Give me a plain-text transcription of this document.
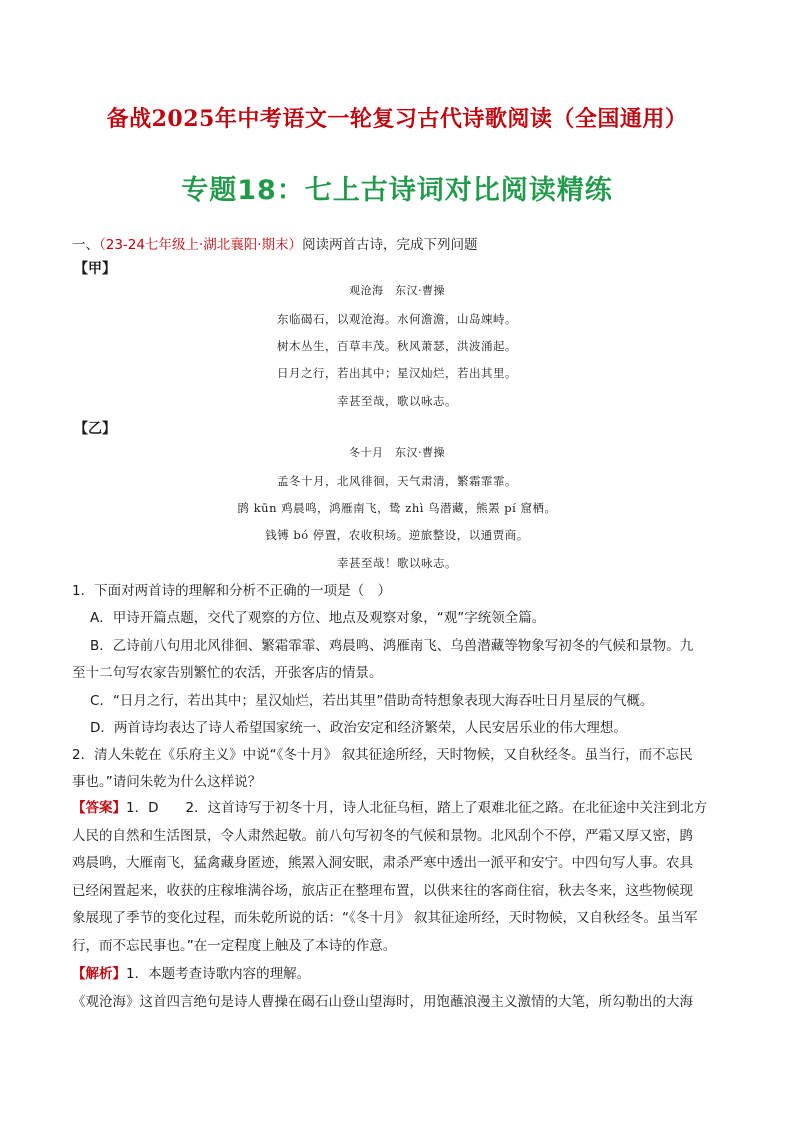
备战2025年中考语文一轮复习古代诗歌阅读（全国通用）
专题18：七上古诗词对比阅读精练
一、（23-24七年级上·湖北襄阳·期末）阅读两首古诗，完成下列问题
【甲】
观沧海　东汉·曹操
东临碣石，以观沧海。水何澹澹，山岛竦峙。
树木丛生，百草丰茂。秋风萧瑟，洪波涌起。
日月之行，若出其中；星汉灿烂，若出其里。
幸甚至哉，歌以咏志。
【乙】
冬十月　东汉·曹操
孟冬十月，北风徘徊，天气肃清，繁霜霏霏。
鹍 kūn 鸡晨鸣，鸿雁南飞，鸷 zhì 鸟潜藏，熊罴 pí 窟栖。
钱镈 bó 停置，农收积场。逆旅整设，以通贾商。
幸甚至哉！歌以咏志。
1．下面对两首诗的理解和分析不正确的一项是（　）
A．甲诗开篇点题，交代了观察的方位、地点及观察对象，“观”字统领全篇。
B．乙诗前八句用北风徘徊、繁霜霏霏、鸡晨鸣、鸿雁南飞、乌兽潜藏等物象写初冬的气候和景物。九
至十二句写农家告别繁忙的农活，开张客店的情景。
C．“日月之行，若出其中；星汉灿烂，若出其里”借助奇特想象表现大海吞吐日月星辰的气概。
D．两首诗均表达了诗人希望国家统一、政治安定和经济繁荣，人民安居乐业的伟大理想。
2．清人朱乾在《乐府主义》中说“《冬十月》 叙其征途所经，天时物候，又自秋经冬。虽当行，而不忘民
事也。”请问朱乾为什么这样说？
【答案】1．D　　2．这首诗写于初冬十月，诗人北征乌桓，踏上了艰难北征之路。在北征途中关注到北方
人民的自然和生活图景，令人肃然起敬。前八句写初冬的气候和景物。北风刮个不停，严霜又厚又密，鹍
鸡晨鸣，大雁南飞，猛禽藏身匿迹，熊罴入洞安眠，肃杀严寒中透出一派平和安宁。中四句写人事。农具
已经闲置起来，收获的庄稼堆满谷场，旅店正在整理布置，以供来往的客商住宿，秋去冬来，这些物候现
象展现了季节的变化过程，而朱乾所说的话：“《冬十月》 叙其征途所经，天时物候，又自秋经冬。虽当军
行，而不忘民事也。”在一定程度上触及了本诗的作意。
【解析】1．本题考查诗歌内容的理解。
《观沧海》这首四言绝句是诗人曹操在碣石山登山望海时，用饱蘸浪漫主义激情的大笔，所勾勒出的大海
